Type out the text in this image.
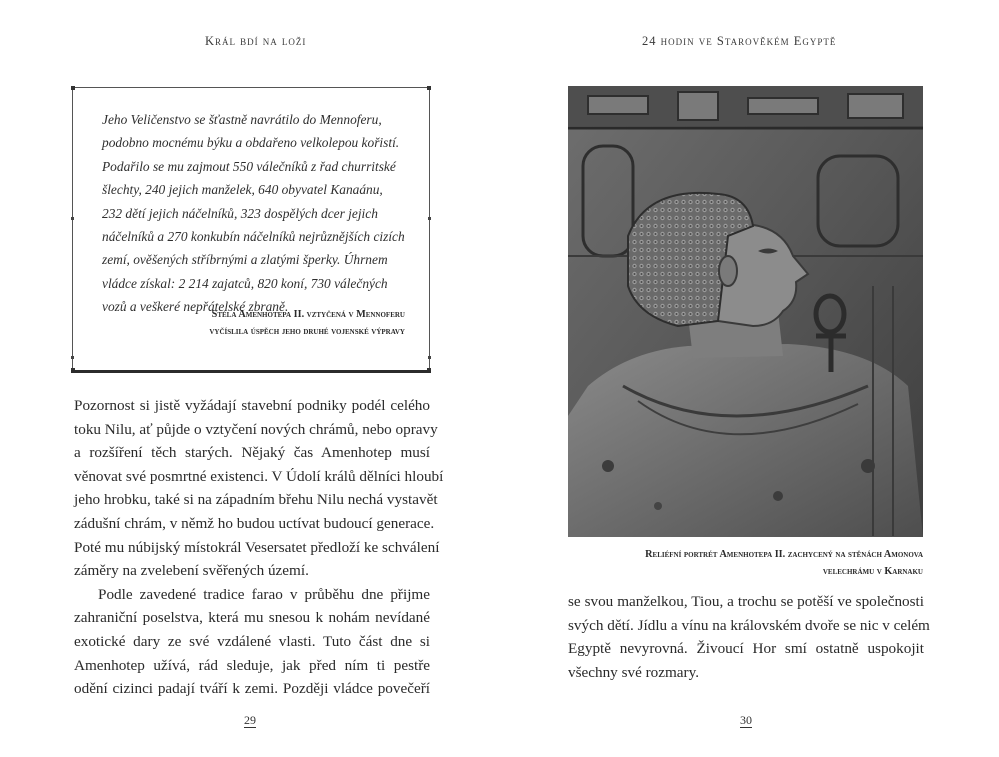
Král bdí na loži
Jeho Veličenstvo se šťastně navrátilo do Mennoferu,
podobno mocnému býku a obdařeno velkolepou kořistí.
Podařilo se mu zajmout 550 válečníků z řad churritské
šlechty, 240 jejich manželek, 640 obyvatel Kanaánu,
232 dětí jejich náčelníků, 323 dospělých dcer jejich
náčelníků a 270 konkubín náčelníků nejrůznějších cizích
zemí, ověšených stříbrnými a zlatými šperky. Úhrnem
vládce získal: 2 214 zajatců, 820 koní, 730 válečných
vozů a veškeré nepřátelské zbraně.
Stéla Amenhotepa II. vztyčená v Mennoferu
vyčíslila úspěch jeho druhé vojenské výpravy
Pozornost si jistě vyžádají stavební podniky podél celého
toku Nilu, ať půjde o vztyčení nových chrámů, nebo opravy
a rozšíření těch starých. Nějaký čas Amenhotep musí
věnovat své posmrtné existenci. V Údolí králů dělníci hloubí
jeho hrobku, také si na západním břehu Nilu nechá vystavět
zádušní chrám, v němž ho budou uctívat budoucí generace.
Poté mu núbijský místokrál Vesersatet předloží ke schválení
záměry na zvelebení svěřených území.
Podle zavedené tradice farao v průběhu dne přijme
zahraniční poselstva, která mu snesou k nohám nevídané
exotické dary ze své vzdálené vlasti. Tuto část dne si
Amenhotep užívá, rád sleduje, jak před ním ti pestře
odění cizinci padají tváří k zemi. Později vládce povečeří
29
24 hodin ve Starověkém Egyptě
Reliéfní portrét Amenhotepa II. zachycený na stěnách Amonova
velechrámu v Karnaku
se svou manželkou, Tiou, a trochu se potěší ve společnosti
svých dětí. Jídlu a vínu na královském dvoře se nic v celém
Egyptě nevyrovná. Živoucí Hor smí ostatně uspokojit
všechny své rozmary.
30
